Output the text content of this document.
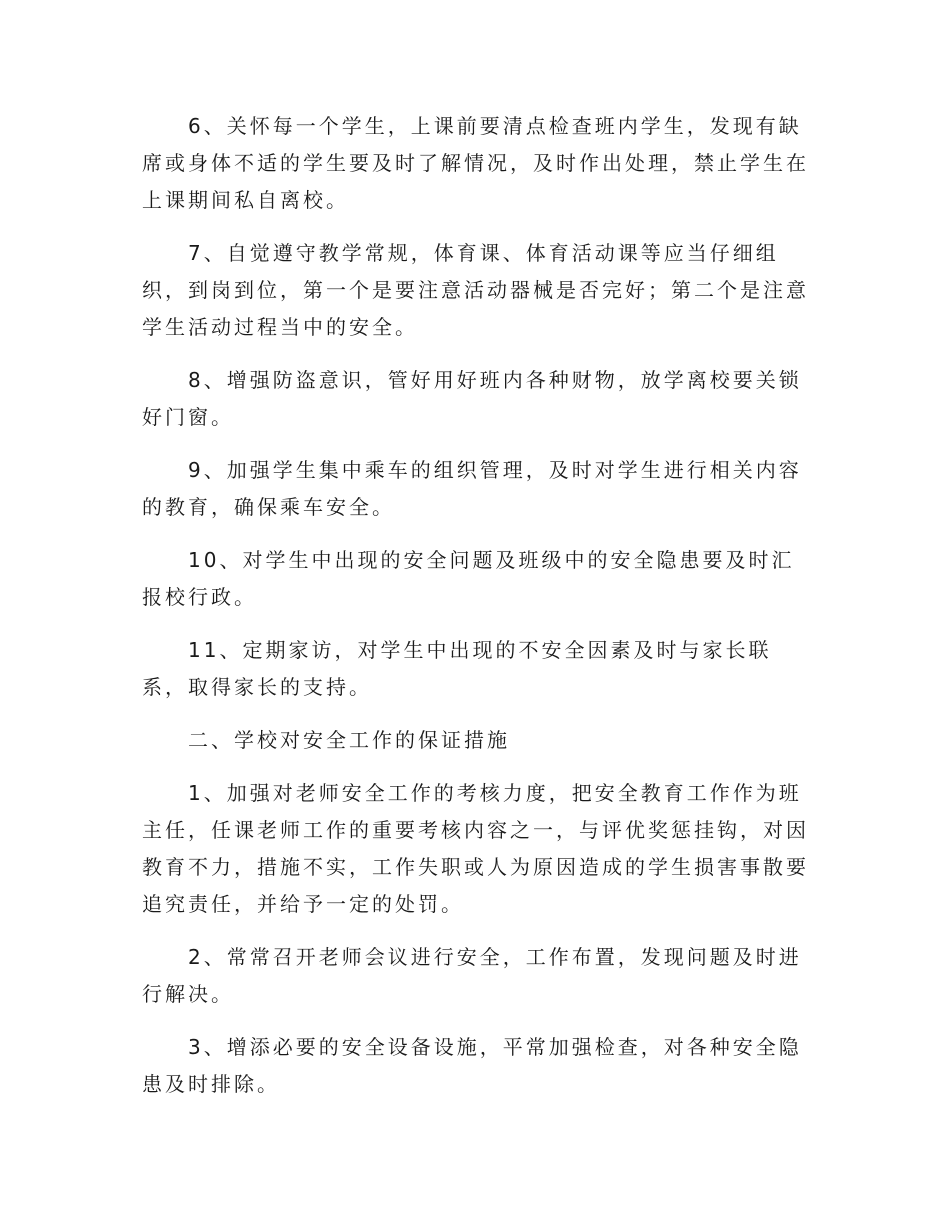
6、关怀每一个学生，上课前要清点检查班内学生，发现有缺席或身体不适的学生要及时了解情况，及时作出处理，禁止学生在上课期间私自离校。

7、自觉遵守教学常规，体育课、体育活动课等应当仔细组织，到岗到位，第一个是要注意活动器械是否完好；第二个是注意学生活动过程当中的安全。

8、增强防盗意识，管好用好班内各种财物，放学离校要关锁好门窗。

9、加强学生集中乘车的组织管理，及时对学生进行相关内容的教育，确保乘车安全。

10、对学生中出现的安全问题及班级中的安全隐患要及时汇报校行政。

11、定期家访，对学生中出现的不安全因素及时与家长联系，取得家长的支持。

二、学校对安全工作的保证措施

1、加强对老师安全工作的考核力度，把安全教育工作作为班主任，任课老师工作的重要考核内容之一，与评优奖惩挂钩，对因教育不力，措施不实，工作失职或人为原因造成的学生损害事散要追究责任，并给予一定的处罚。

2、常常召开老师会议进行安全，工作布置，发现问题及时进行解决。

3、增添必要的安全设备设施，平常加强检查，对各种安全隐患及时排除。
